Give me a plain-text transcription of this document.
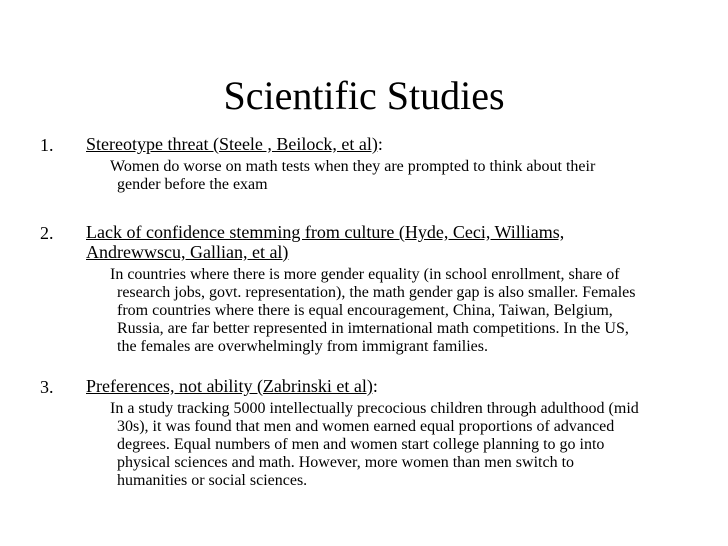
Scientific Studies
1. Stereotype threat (Steele , Beilock, et al):
Women do worse on math tests when they are prompted to think about their
gender before the exam
2. Lack of confidence stemming from culture (Hyde, Ceci, Williams,
Andrewwscu, Gallian, et al)
In countries where there is more gender equality (in school enrollment, share of
research jobs, govt. representation), the math gender gap is also smaller. Females
from countries where there is equal encouragement, China, Taiwan, Belgium,
Russia, are far better represented in imternational math competitions. In the US,
the females are overwhelmingly from immigrant families.
3. Preferences, not ability (Zabrinski et al):
In a study tracking 5000 intellectually precocious children through adulthood (mid
30s), it was found that men and women earned equal proportions of advanced
degrees. Equal numbers of men and women start college planning to go into
physical sciences and math. However, more women than men switch to
humanities or social sciences.
